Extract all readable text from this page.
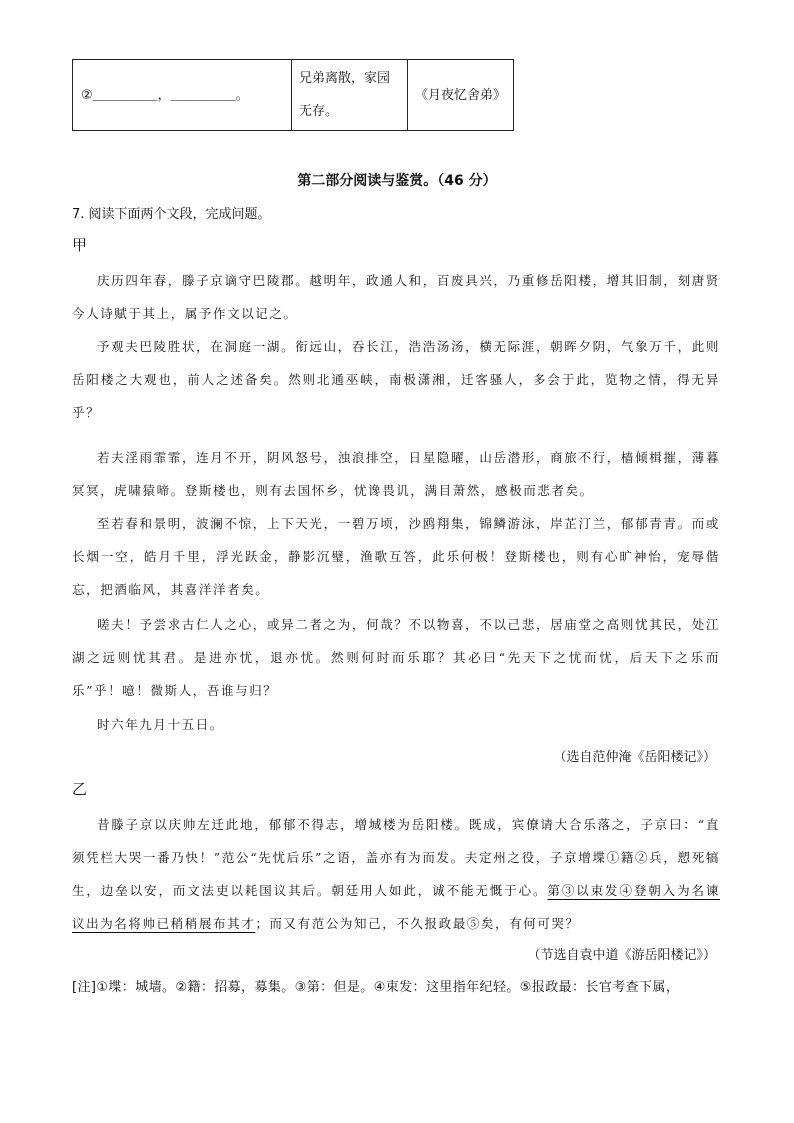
②＿＿＿＿＿，＿＿＿＿＿。	兄弟离散，家园无存。	《月夜忆舍弟》
第二部分阅读与鉴赏。（46 分）
7. 阅读下面两个文段，完成问题。
甲

庆历四年春，滕子京谪守巴陵郡。越明年，政通人和，百废具兴，乃重修岳阳楼，增其旧制，刻唐贤今人诗赋于其上，属予作文以记之。

予观夫巴陵胜状，在洞庭一湖。衔远山，吞长江，浩浩汤汤，横无际涯，朝晖夕阴，气象万千，此则岳阳楼之大观也，前人之述备矣。然则北通巫峡，南极潇湘，迁客骚人，多会于此，览物之情，得无异乎？

若夫淫雨霏霏，连月不开，阴风怒号，浊浪排空，日星隐曜，山岳潜形，商旅不行，樯倾楫摧，薄暮冥冥，虎啸猿啼。登斯楼也，则有去国怀乡，忧谗畏讥，满目萧然，感极而悲者矣。

至若春和景明，波澜不惊，上下天光，一碧万顷，沙鸥翔集，锦鳞游泳，岸芷汀兰，郁郁青青。而或长烟一空，皓月千里，浮光跃金，静影沉璧，渔歌互答，此乐何极！登斯楼也，则有心旷神怡，宠辱偕忘，把酒临风，其喜洋洋者矣。

嗟夫！予尝求古仁人之心，或异二者之为，何哉？不以物喜，不以己悲，居庙堂之高则忧其民，处江湖之远则忧其君。是进亦忧，退亦忧。然则何时而乐耶？其必曰“先天下之忧而忧，后天下之乐而乐”乎！噫！微斯人，吾谁与归？

时六年九月十五日。

（选自范仲淹《岳阳楼记》）
乙

昔滕子京以庆帅左迁此地，郁郁不得志，增城楼为岳阳楼。既成，宾僚请大合乐落之，子京曰：“直须凭栏大哭一番乃快！”范公“先忧后乐”之语，盖亦有为而发。夫定州之役，子京增堞①籍②兵，愬死犒生，边垒以安，而文法吏以耗国议其后。朝廷用人如此，诚不能无慨于心。第③以束发④登朝入为名谏议出为名将帅已稍稍展布其才；而又有范公为知己，不久报政最⑤矣，有何可哭？

（节选自袁中道《游岳阳楼记》）
[注]①堞：城墙。②籍：招募，募集。③第：但是。④束发：这里指年纪轻。⑤报政最：长官考查下属，
